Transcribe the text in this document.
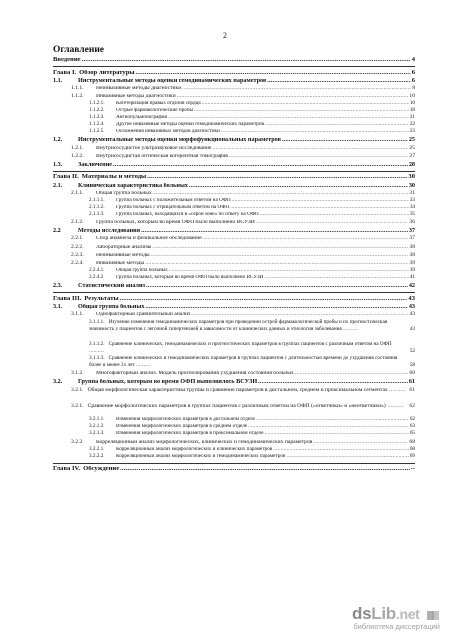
2
Оглавление
Введение .....	4
Глава I. Обзор литературы .....	6
1.1.	Инструментальные методы оценки гемодинамических параметров .....	6
1.1.1.	Неинвазивные методы диагностики .....	8
1.1.2.	Инвазивные методы диагностики .....	10
1.1.2.1.	Катетеризация правых отделов сердца .....	10
1.1.2.2.	Острые фармакологические пробы .....	18
1.1.2.3.	Ангиопульмонография .....	21
1.1.2.4.	Другие инвазивные методы оценки гемодинамических параметров .....	22
1.1.2.5.	Осложнения инвазивных методов диагностики .....	23
1.2.	Инструментальные методы оценки морфофункциональных параметров .....	25
1.2.1.	Внутрисосудистое ультразвуковое исследование .....	25
1.2.2.	Внутрисосудистая оптическая когерентная томография .....	27
1.3.	Заключение .....	28
Глава II. Материалы и методы .....	30
2.1.	Клиническая характеристика больных .....	30
2.1.1.	Общая группа больных .....	31
2.1.1.1.	Группа больных с положительным ответом на ОФП .....	33
2.1.1.2.	Группа больных с отрицательным ответом на ОФП .....	34
2.1.1.3.	Группа больных, находящихся в «серой зоне» по ответу на ОФП .....	35
2.1.2.	Группа больных, которым во время ОФП было выполнено ВСУЗИ .....	36
2.2	Методы исследования .....	37
2.2.1.	Сбор анамнеза и физикальное обследование .....	37
2.2.2.	Лабораторные анализы .....	38
2.2.3.	Неинвазивные методы .....	38
2.2.4.	Инвазивные методы .....	39
2.2.4.1.	Общая группа больных .....	39
2.2.4.2	Группа больных, которым во время ОФП было выполнено ВСУЗИ .....	41
2.3.	Статистический анализ .....	42
Глава III. Результаты .....	43
3.1.	Общая группа больных .....	43
3.1.1.	Однофакторный сравнительный анализ .....	43
3.1.1.1. Изучение изменения гемодинамических параметров при проведении острой фармакологической пробы и их прогностическая значимость у пациентов с легочной гипертензией в зависимости от клинических данных и этиологии заболевания ..........	43
3.1.1.2. Сравнение клинических, гемодинамических и прогностических параметров в группах пациентов с различным ответом на ОФП ..........	52
3.1.1.3. Сравнение клинических и гемодинамических параметров в группах пациентов с длительностью времени до ухудшения состояния более и менее 2х лет ..........	58
3.1.2.	Многофакторный анализ. Модель прогнозирования ухудшения состояния больных .....	60
3.2.	Группа больных, которым во время ОФП выполнялось ВСУЗИ .....	61
3.2.1. Общая морфологическая характеристика группы и сравнение параметров в дистальном, среднем и проксимальном сегментах .......... 61
3.2.1. Сравнение морфологических параметров в группах пациентов с различным ответом на ОФП («ответчики» и «неответчики») ..........	62
3.2.1.1.	Изменения морфологических параметров в дистальном отделе .....	62
3.2.1.2.	Изменения морфологических параметров в среднем отделе .....	63
3.2.1.3.	Изменения морфологических параметров в проксимальном отделе .....	65
3.2.2.	Корреляционный анализ морфологических, клинических и гемодинамических параметров .....	68
3.2.2.1.	Корреляционный анализ морфологических и клинических параметров .....	68
3.2.2.2.	Корреляционный анализ морфологических и гемодинамических параметров .....	69
Глава IV. Обсуждение .....	--
dsLib.net
библиотека диссертаций
